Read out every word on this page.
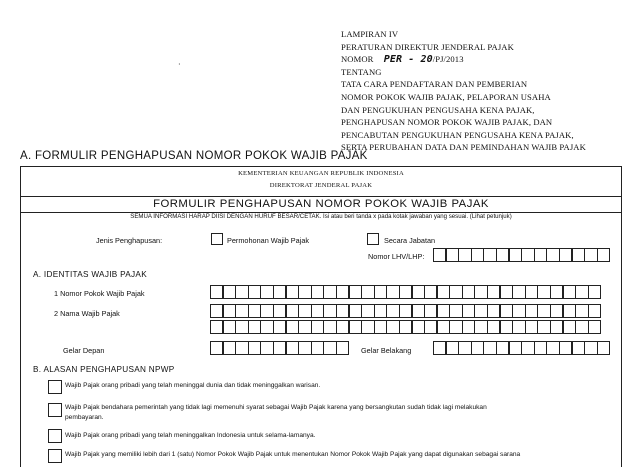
LAMPIRAN IV
PERATURAN DIREKTUR JENDERAL PAJAK
NOMOR PER - 20/PJ/2013
TENTANG
TATA CARA PENDAFTARAN DAN PEMBERIAN
NOMOR POKOK WAJIB PAJAK, PELAPORAN USAHA
DAN PENGUKUHAN PENGUSAHA KENA PAJAK,
PENGHAPUSAN NOMOR POKOK WAJIB PAJAK, DAN
PENCABUTAN PENGUKUHAN PENGUSAHA KENA PAJAK,
SERTA PERUBAHAN DATA DAN PEMINDAHAN WAJIB PAJAK
·
A. FORMULIR PENGHAPUSAN NOMOR POKOK WAJIB PAJAK
KEMENTERIAN KEUANGAN REPUBLIK INDONESIA
DIREKTORAT JENDERAL PAJAK
FORMULIR PENGHAPUSAN NOMOR POKOK WAJIB PAJAK
SEMUA INFORMASI HARAP DIISI DENGAN HURUF BESAR/CETAK. Isi atau beri tanda x pada kotak jawaban yang sesuai. (Lihat petunjuk)
Jenis Penghapusan:	Permohonan Wajib Pajak	Secara Jabatan
Nomor LHV/LHP:
A. IDENTITAS WAJIB PAJAK
1 Nomor Pokok Wajib Pajak
2 Nama Wajib Pajak
Gelar Depan	Gelar Belakang
B. ALASAN PENGHAPUSAN NPWP
Wajib Pajak orang pribadi yang telah meninggal dunia dan tidak meninggalkan warisan.
Wajib Pajak bendahara pemerintah yang tidak lagi memenuhi syarat sebagai Wajib Pajak karena yang bersangkutan sudah tidak lagi melakukan
pembayaran.
Wajib Pajak orang pribadi yang telah meninggalkan Indonesia untuk selama-lamanya.
Wajib Pajak yang memiliki lebih dari 1 (satu) Nomor Pokok Wajib Pajak untuk menentukan Nomor Pokok Wajib Pajak yang dapat digunakan sebagai sarana
